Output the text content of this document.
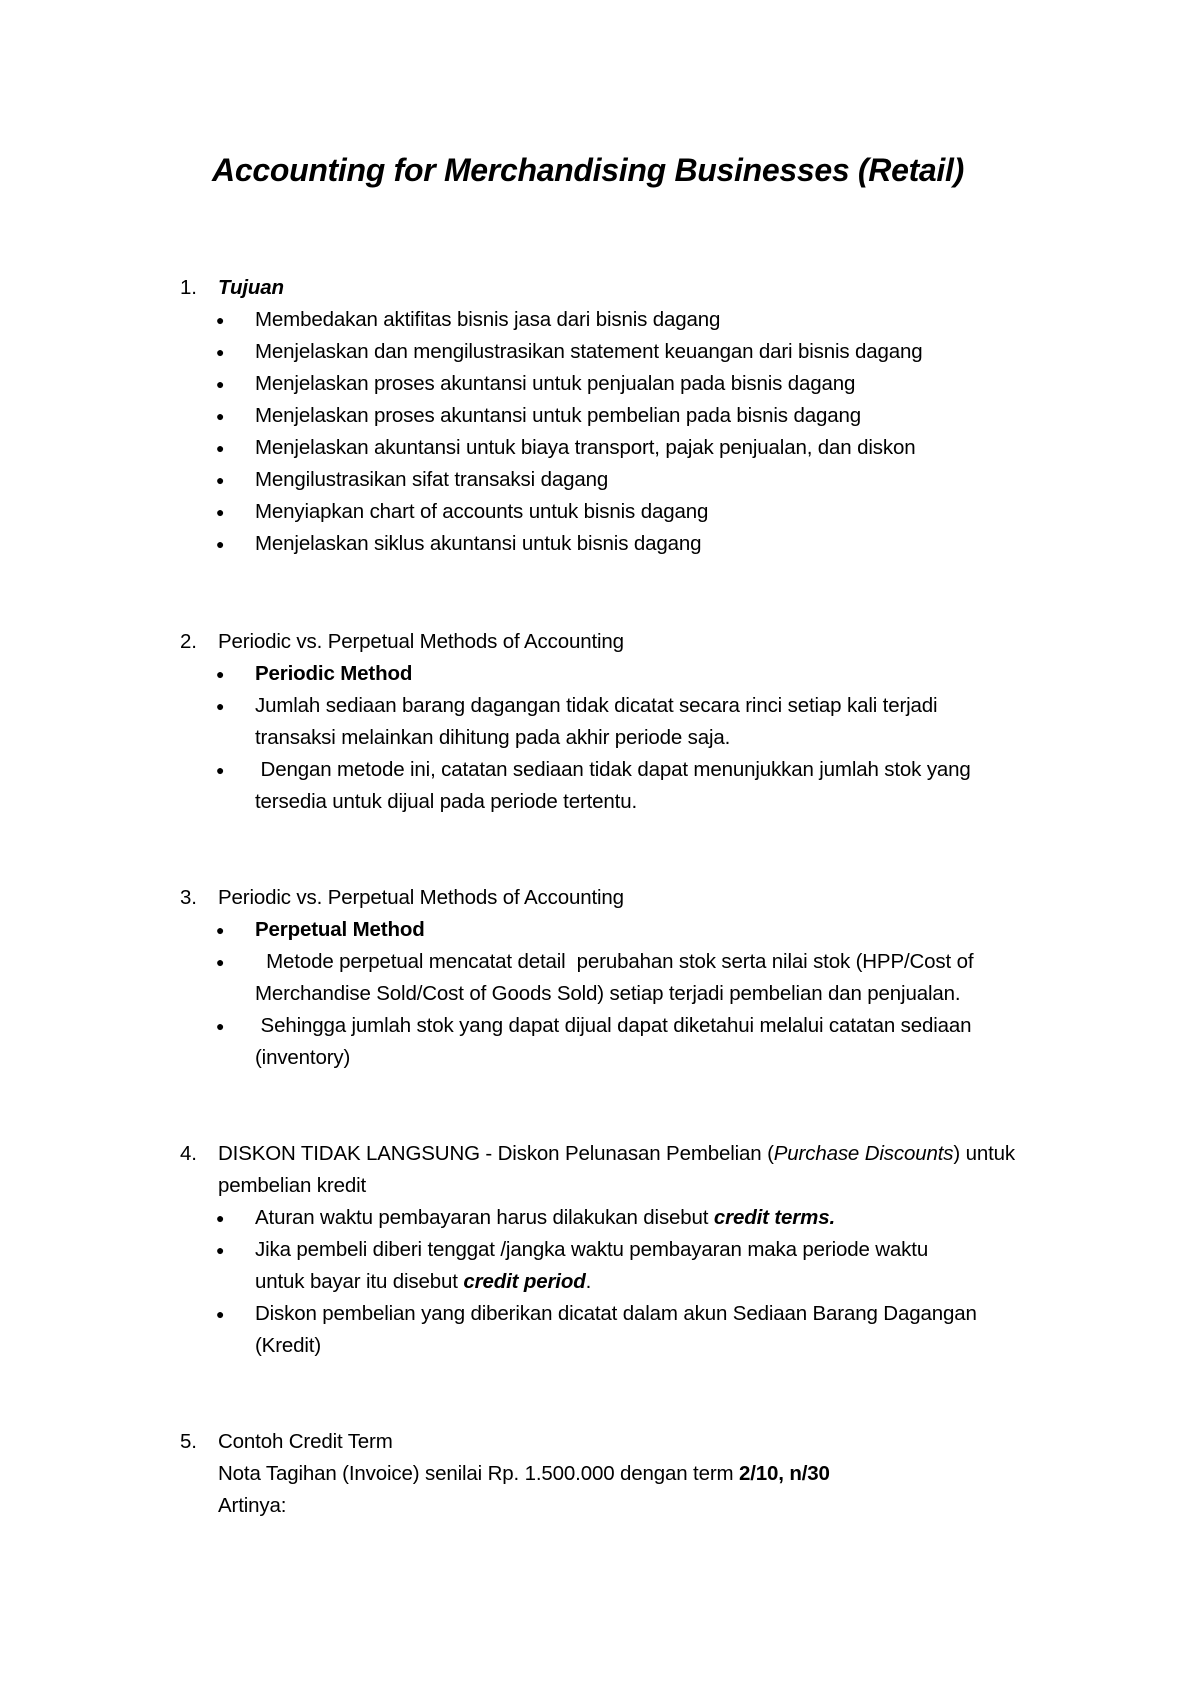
Accounting for Merchandising Businesses (Retail)
1.	Tujuan
● Membedakan aktifitas bisnis jasa dari bisnis dagang
● Menjelaskan dan mengilustrasikan statement keuangan dari bisnis dagang
● Menjelaskan proses akuntansi untuk penjualan pada bisnis dagang
● Menjelaskan proses akuntansi untuk pembelian pada bisnis dagang
● Menjelaskan akuntansi untuk biaya transport, pajak penjualan, dan diskon
● Mengilustrasikan sifat transaksi dagang
● Menyiapkan chart of accounts untuk bisnis dagang
● Menjelaskan siklus akuntansi untuk bisnis dagang
2.	Periodic vs. Perpetual Methods of Accounting
● Periodic Method
● Jumlah sediaan barang dagangan tidak dicatat secara rinci setiap kali terjadi
transaksi melainkan dihitung pada akhir periode saja.
● Dengan metode ini, catatan sediaan tidak dapat menunjukkan jumlah stok yang
tersedia untuk dijual pada periode tertentu.
3.	Periodic vs. Perpetual Methods of Accounting
● Perpetual Method
● Metode perpetual mencatat detail  perubahan stok serta nilai stok (HPP/Cost of
Merchandise Sold/Cost of Goods Sold) setiap terjadi pembelian dan penjualan.
● Sehingga jumlah stok yang dapat dijual dapat diketahui melalui catatan sediaan
(inventory)
4.	DISKON TIDAK LANGSUNG - Diskon Pelunasan Pembelian (Purchase Discounts) untuk
pembelian kredit
● Aturan waktu pembayaran harus dilakukan disebut credit terms.
● Jika pembeli diberi tenggat /jangka waktu pembayaran maka periode waktu
untuk bayar itu disebut credit period.
● Diskon pembelian yang diberikan dicatat dalam akun Sediaan Barang Dagangan
(Kredit)
5.	Contoh Credit Term
Nota Tagihan (Invoice) senilai Rp. 1.500.000 dengan term 2/10, n/30
Artinya:
